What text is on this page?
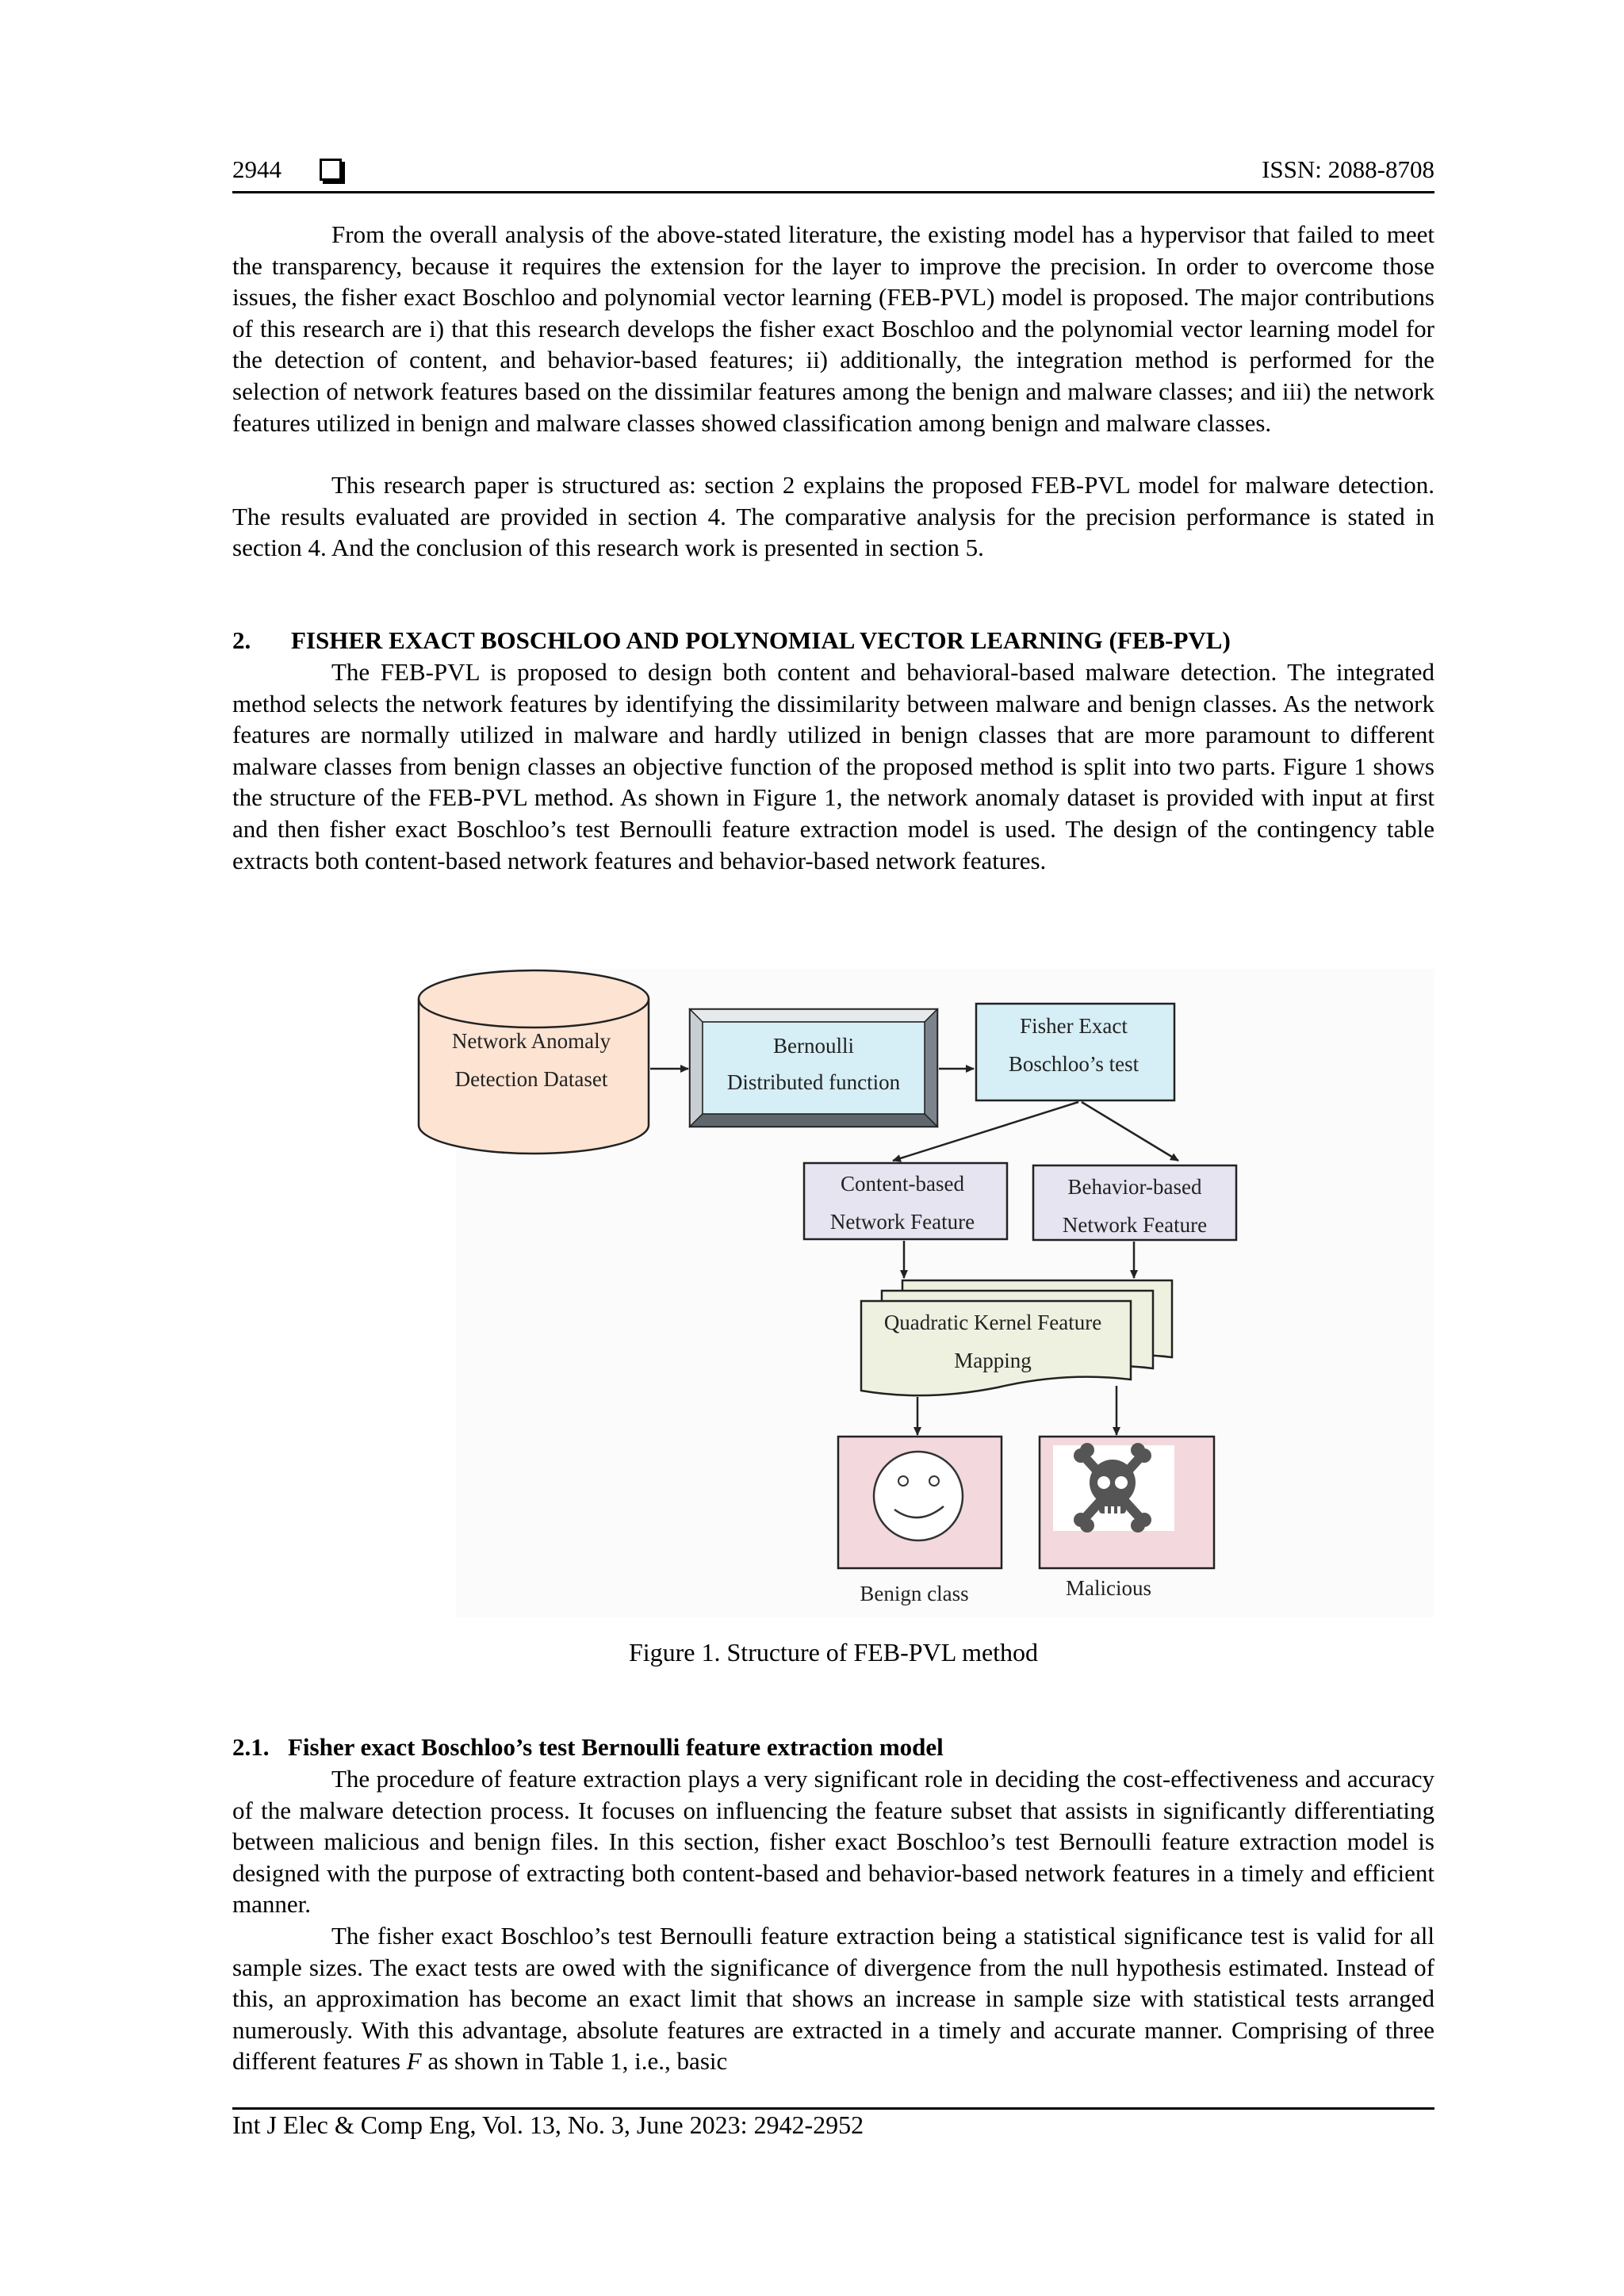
2944	ISSN: 2088-8708

From the overall analysis of the above-stated literature, the existing model has a hypervisor that failed to meet the transparency, because it requires the extension for the layer to improve the precision. In order to overcome those issues, the fisher exact Boschloo and polynomial vector learning (FEB-PVL) model is proposed. The major contributions of this research are i) that this research develops the fisher exact Boschloo and the polynomial vector learning model for the detection of content, and behavior-based features; ii) additionally, the integration method is performed for the selection of network features based on the dissimilar features among the benign and malware classes; and iii) the network features utilized in benign and malware classes showed classification among benign and malware classes.

This research paper is structured as: section 2 explains the proposed FEB-PVL model for malware detection. The results evaluated are provided in section 4. The comparative analysis for the precision performance is stated in section 4. And the conclusion of this research work is presented in section 5.

2. FISHER EXACT BOSCHLOO AND POLYNOMIAL VECTOR LEARNING (FEB-PVL)

The FEB-PVL is proposed to design both content and behavioral-based malware detection. The integrated method selects the network features by identifying the dissimilarity between malware and benign classes. As the network features are normally utilized in malware and hardly utilized in benign classes that are more paramount to different malware classes from benign classes an objective function of the proposed method is split into two parts. Figure 1 shows the structure of the FEB-PVL method. As shown in Figure 1, the network anomaly dataset is provided with input at first and then fisher exact Boschloo’s test Bernoulli feature extraction model is used. The design of the contingency table extracts both content-based network features and behavior-based network features.

Network Anomaly
Detection Dataset
Bernoulli
Distributed function
Fisher Exact
Boschloo’s test
Content-based
Network Feature
Behavior-based
Network Feature
Quadratic Kernel Feature
Mapping
Benign class	Malicious
Figure 1. Structure of FEB-PVL method

2.1. Fisher exact Boschloo’s test Bernoulli feature extraction model

The procedure of feature extraction plays a very significant role in deciding the cost-effectiveness and accuracy of the malware detection process. It focuses on influencing the feature subset that assists in significantly differentiating between malicious and benign files. In this section, fisher exact Boschloo’s test Bernoulli feature extraction model is designed with the purpose of extracting both content-based and behavior-based network features in a timely and efficient manner.

The fisher exact Boschloo’s test Bernoulli feature extraction being a statistical significance test is valid for all sample sizes. The exact tests are owed with the significance of divergence from the null hypothesis estimated. Instead of this, an approximation has become an exact limit that shows an increase in sample size with statistical tests arranged numerously. With this advantage, absolute features are extracted in a timely and accurate manner. Comprising of three different features F as shown in Table 1, i.e., basic

Int J Elec & Comp Eng, Vol. 13, No. 3, June 2023: 2942-2952
